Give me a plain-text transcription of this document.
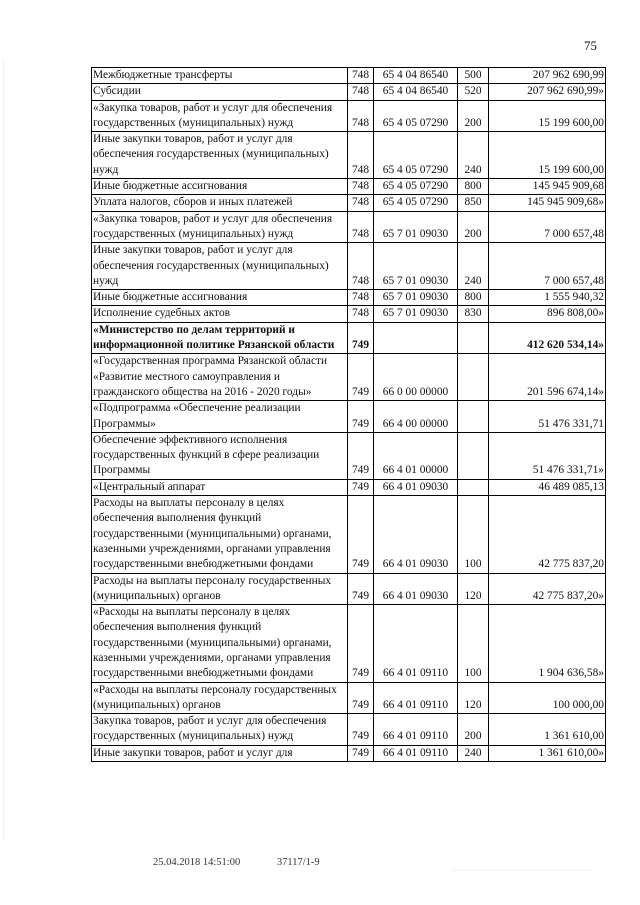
75
Межбюджетные трансферты	748	65 4 04 86540	500	207 962 690,99
Субсидии	748	65 4 04 86540	520	207 962 690,99»
«Закупка товаров, работ и услуг для обеспечения государственных (муниципальных) нужд	748	65 4 05 07290	200	15 199 600,00
Иные закупки товаров, работ и услуг для обеспечения государственных (муниципальных) нужд	748	65 4 05 07290	240	15 199 600,00
Иные бюджетные ассигнования	748	65 4 05 07290	800	145 945 909,68
Уплата налогов, сборов и иных платежей	748	65 4 05 07290	850	145 945 909,68»
«Закупка товаров, работ и услуг для обеспечения государственных (муниципальных) нужд	748	65 7 01 09030	200	7 000 657,48
Иные закупки товаров, работ и услуг для обеспечения государственных (муниципальных) нужд	748	65 7 01 09030	240	7 000 657,48
Иные бюджетные ассигнования	748	65 7 01 09030	800	1 555 940,32
Исполнение судебных актов	748	65 7 01 09030	830	896 808,00»
«Министерство по делам территорий и информационной политике Рязанской области	749			412 620 534,14»
«Государственная программа Рязанской области «Развитие местного самоуправления и гражданского общества на 2016 - 2020 годы»	749	66 0 00 00000		201 596 674,14»
«Подпрограмма «Обеспечение реализации Программы»	749	66 4 00 00000		51 476 331,71
Обеспечение эффективного исполнения государственных функций в сфере реализации Программы	749	66 4 01 00000		51 476 331,71»
«Центральный аппарат	749	66 4 01 09030		46 489 085,13
Расходы на выплаты персоналу в целях обеспечения выполнения функций государственными (муниципальными) органами, казенными учреждениями, органами управления государственными внебюджетными фондами	749	66 4 01 09030	100	42 775 837,20
Расходы на выплаты персоналу государственных (муниципальных) органов	749	66 4 01 09030	120	42 775 837,20»
«Расходы на выплаты персоналу в целях обеспечения выполнения функций государственными (муниципальными) органами, казенными учреждениями, органами управления государственными внебюджетными фондами	749	66 4 01 09110	100	1 904 636,58»
«Расходы на выплаты персоналу государственных (муниципальных) органов	749	66 4 01 09110	120	100 000,00
Закупка товаров, работ и услуг для обеспечения государственных (муниципальных) нужд	749	66 4 01 09110	200	1 361 610,00
Иные закупки товаров, работ и услуг для	749	66 4 01 09110	240	1 361 610,00»
25.04.2018 14:51:00	37117/1-9
